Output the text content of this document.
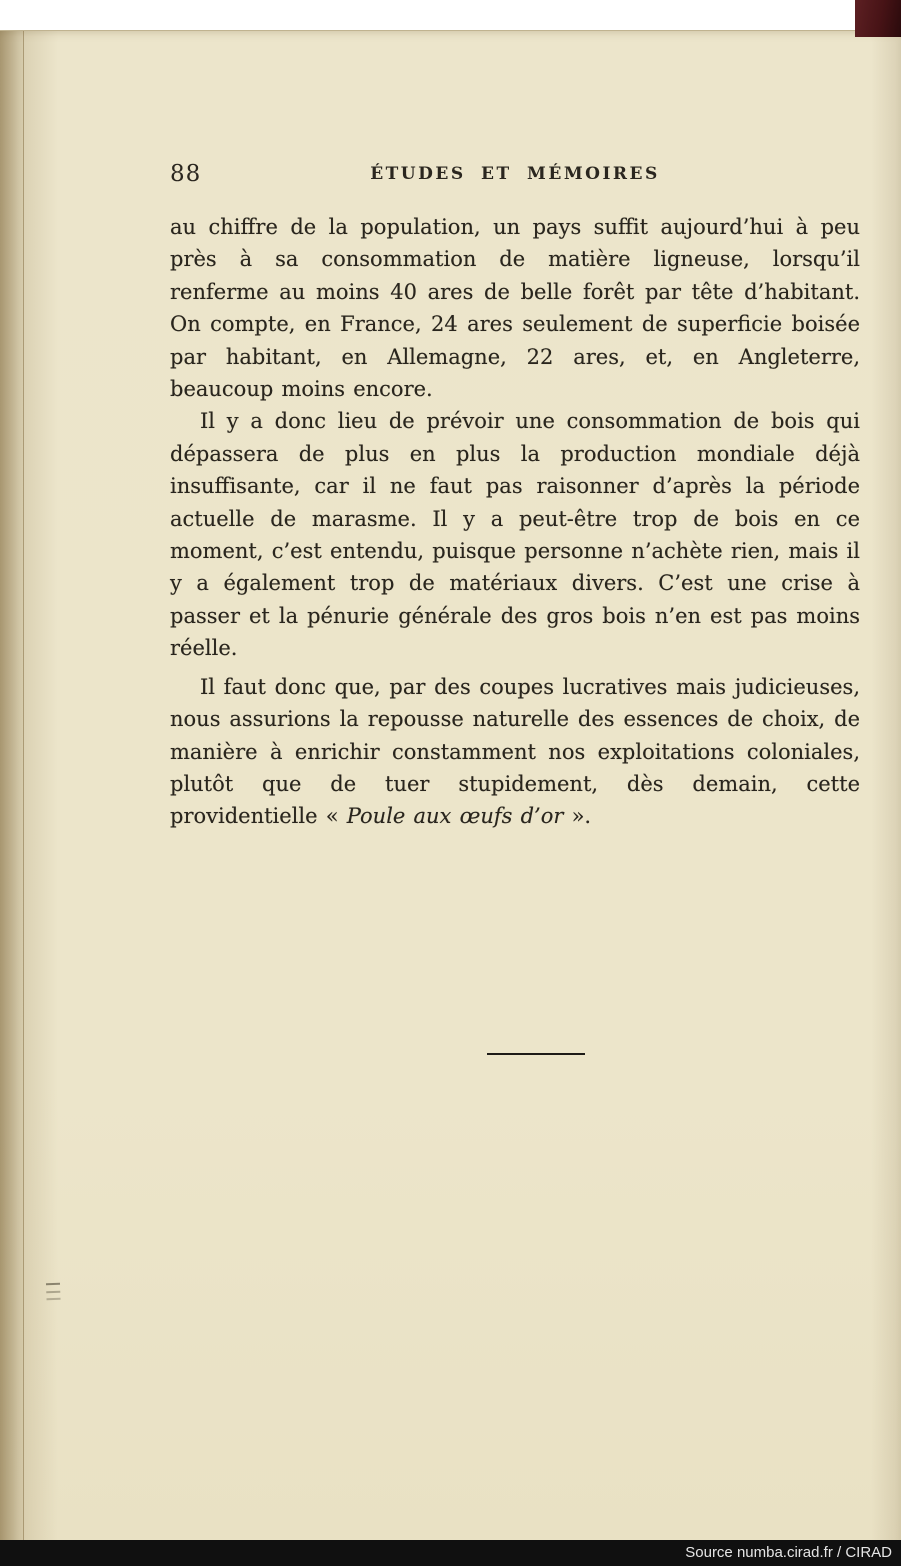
88	ÉTUDES ET MÉMOIRES

au chiffre de la population, un pays suffit aujourd’hui à peu près à sa consommation de matière ligneuse, lorsqu’il renferme au moins 40 ares de belle forêt par tête d’habitant. On compte, en France, 24 ares seulement de superficie boisée par habitant, en Allemagne, 22 ares, et, en Angleterre, beaucoup moins encore.

Il y a donc lieu de prévoir une consommation de bois qui dépassera de plus en plus la production mondiale déjà insuffisante, car il ne faut pas raisonner d’après la période actuelle de marasme. Il y a peut-être trop de bois en ce moment, c’est entendu, puisque personne n’achète rien, mais il y a également trop de matériaux divers. C’est une crise à passer et la pénurie générale des gros bois n’en est pas moins réelle.

Il faut donc que, par des coupes lucratives mais judicieuses, nous assurions la repousse naturelle des essences de choix, de manière à enrichir constamment nos exploitations coloniales, plutôt que de tuer stupidement, dès demain, cette providentielle « Poule aux œufs d’or ».

Source numba.cirad.fr / CIRAD
